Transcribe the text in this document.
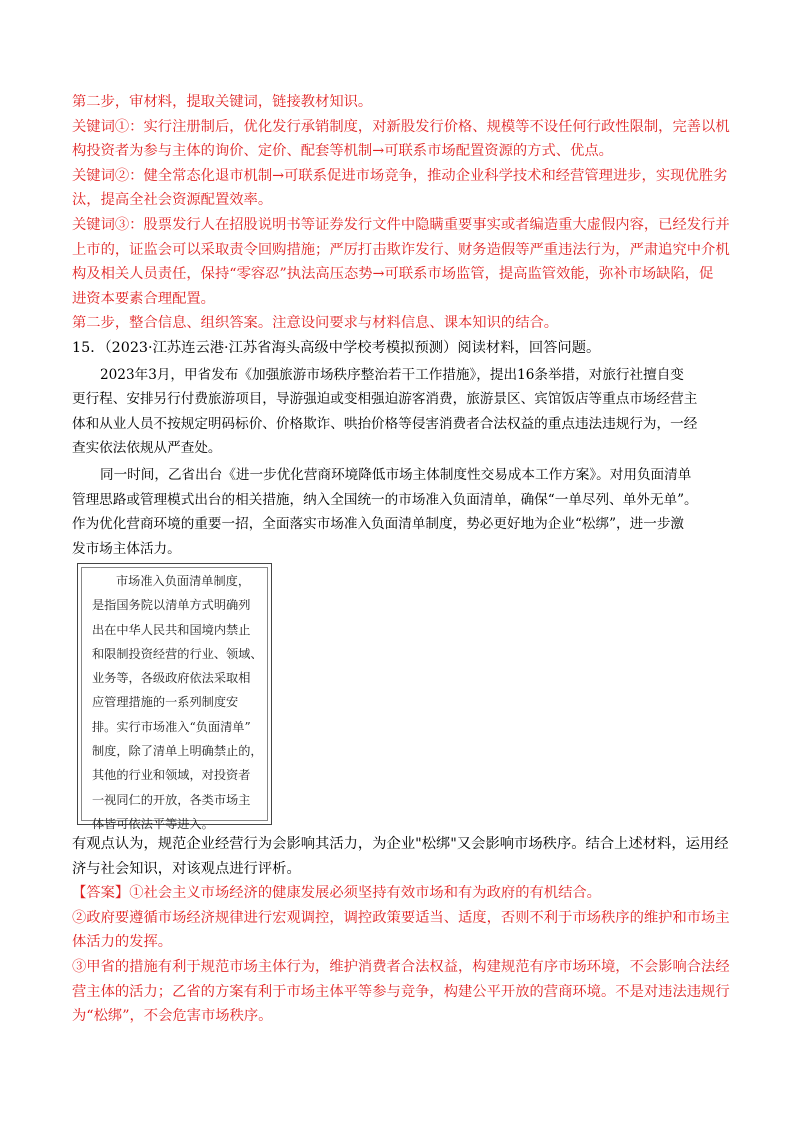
第二步，审材料，提取关键词，链接教材知识。

关键词①：实行注册制后，优化发行承销制度，对新股发行价格、规模等不设任何行政性限制，完善以机

构投资者为参与主体的询价、定价、配套等机制→可联系市场配置资源的方式、优点。

关键词②：健全常态化退市机制→可联系促进市场竞争，推动企业科学技术和经营管理进步，实现优胜劣

汰，提高全社会资源配置效率。

关键词③：股票发行人在招股说明书等证券发行文件中隐瞒重要事实或者编造重大虚假内容，已经发行并

上市的，证监会可以采取责令回购措施；严厉打击欺诈发行、财务造假等严重违法行为，严肃追究中介机

构及相关人员责任，保持“零容忍”执法高压态势→可联系市场监管，提高监管效能，弥补市场缺陷，促

进资本要素合理配置。

第二步，整合信息、组织答案。注意设问要求与材料信息、课本知识的结合。

15．（2023·江苏连云港·江苏省海头高级中学校考模拟预测）阅读材料，回答问题。

2023年3月，甲省发布《加强旅游市场秩序整治若干工作措施》，提出16条举措，对旅行社擅自变

更行程、安排另行付费旅游项目，导游强迫或变相强迫游客消费，旅游景区、宾馆饭店等重点市场经营主

体和从业人员不按规定明码标价、价格欺诈、哄抬价格等侵害消费者合法权益的重点违法违规行为，一经

查实依法依规从严查处。

同一时间，乙省出台《进一步优化营商环境降低市场主体制度性交易成本工作方案》。对用负面清单

管理思路或管理模式出台的相关措施，纳入全国统一的市场准入负面清单，确保“一单尽列、单外无单”。

作为优化营商环境的重要一招，全面落实市场准入负面清单制度，势必更好地为企业“松绑”，进一步激

发市场主体活力。

市场准入负面清单制度，

是指国务院以清单方式明确列

出在中华人民共和国境内禁止

和限制投资经营的行业、领域、

业务等，各级政府依法采取相

应管理措施的一系列制度安

排。实行市场准入“负面清单”

制度，除了清单上明确禁止的，

其他的行业和领域，对投资者

一视同仁的开放，各类市场主

体皆可依法平等进入。

有观点认为，规范企业经营行为会影响其活力，为企业"松绑"又会影响市场秩序。结合上述材料，运用经

济与社会知识，对该观点进行评析。

【答案】①社会主义市场经济的健康发展必须坚持有效市场和有为政府的有机结合。

②政府要遵循市场经济规律进行宏观调控，调控政策要适当、适度，否则不利于市场秩序的维护和市场主

体活力的发挥。

③甲省的措施有利于规范市场主体行为，维护消费者合法权益，构建规范有序市场环境，不会影响合法经

营主体的活力；乙省的方案有利于市场主体平等参与竞争，构建公平开放的营商环境。不是对违法违规行

为“松绑”，不会危害市场秩序。
